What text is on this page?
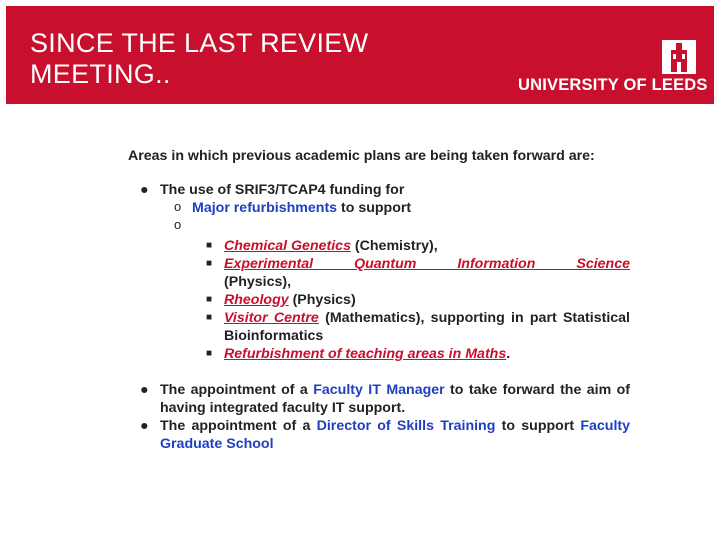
SINCE THE LAST REVIEW
MEETING..	UNIVERSITY OF LEEDS

Areas in which previous academic plans are being taken forward are:

● The use of SRIF3/TCAP4 funding for
o Major refurbishments to support
o

■ Chemical Genetics (Chemistry),
■ Experimental Quantum Information Science
(Physics),
■ Rheology (Physics)
■ Visitor Centre (Mathematics), supporting in part Statistical Bioinformatics
■ Refurbishment of teaching areas in Maths.
● The appointment of a Faculty IT Manager to take forward the aim of having integrated faculty IT support.
● The appointment of a Director of Skills Training to support Faculty Graduate School
